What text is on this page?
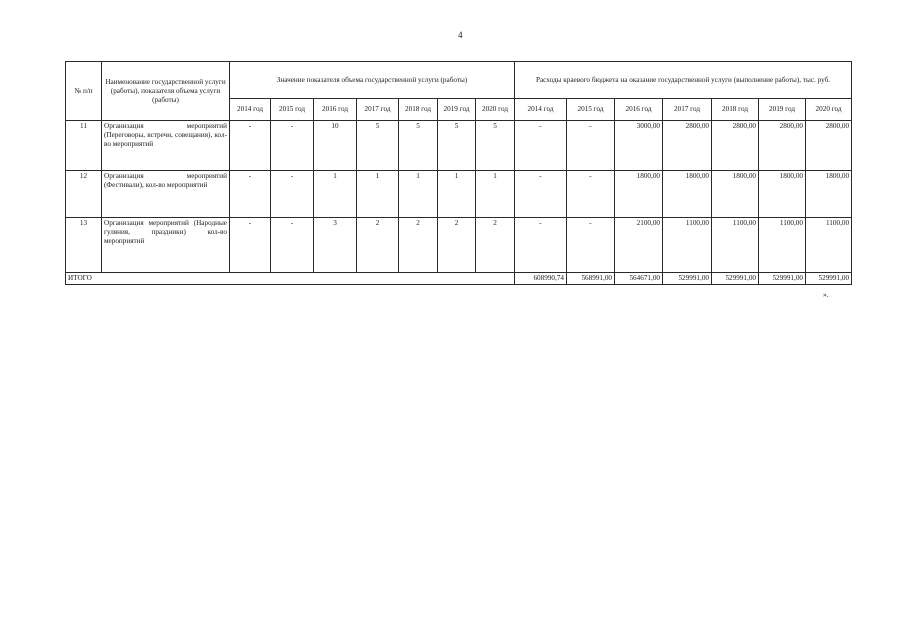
4
№ п/п	Наименование государственной услуги (работы), показателя объема услуги (работы)	Значение показателя объема государственной услуги (работы)							Расходы краевого бюджета на оказание государственной услуги (выполнение работы), тыс. руб.						
		2014 год	2015 год	2016 год	2017 год	2018 год	2019 год	2020 год	2014 год	2015 год	2016 год	2017 год	2018 год	2019 год	2020 год
11	Организация мероприятий (Переговоры, встречи, совещания), кол-во мероприятий	-	-	10	5	5	5	5	-	-	3000,00	2800,00	2800,00	2800,00	2800,00
12	Организация мероприятий (Фестивали), кол-во мероприятий	-	-	1	1	1	1	1	-	-	1800,00	1800,00	1800,00	1800,00	1800,00
13	Организация мероприятий (Народные гуляния, праздники) кол-во мероприятий	-	-	3	2	2	2	2	-	-	2100,00	1100,00	1100,00	1100,00	1100,00
ИТОГО									608990,74	568991,00	564671,00	529991,00	529991,00	529991,00	529991,00
».
